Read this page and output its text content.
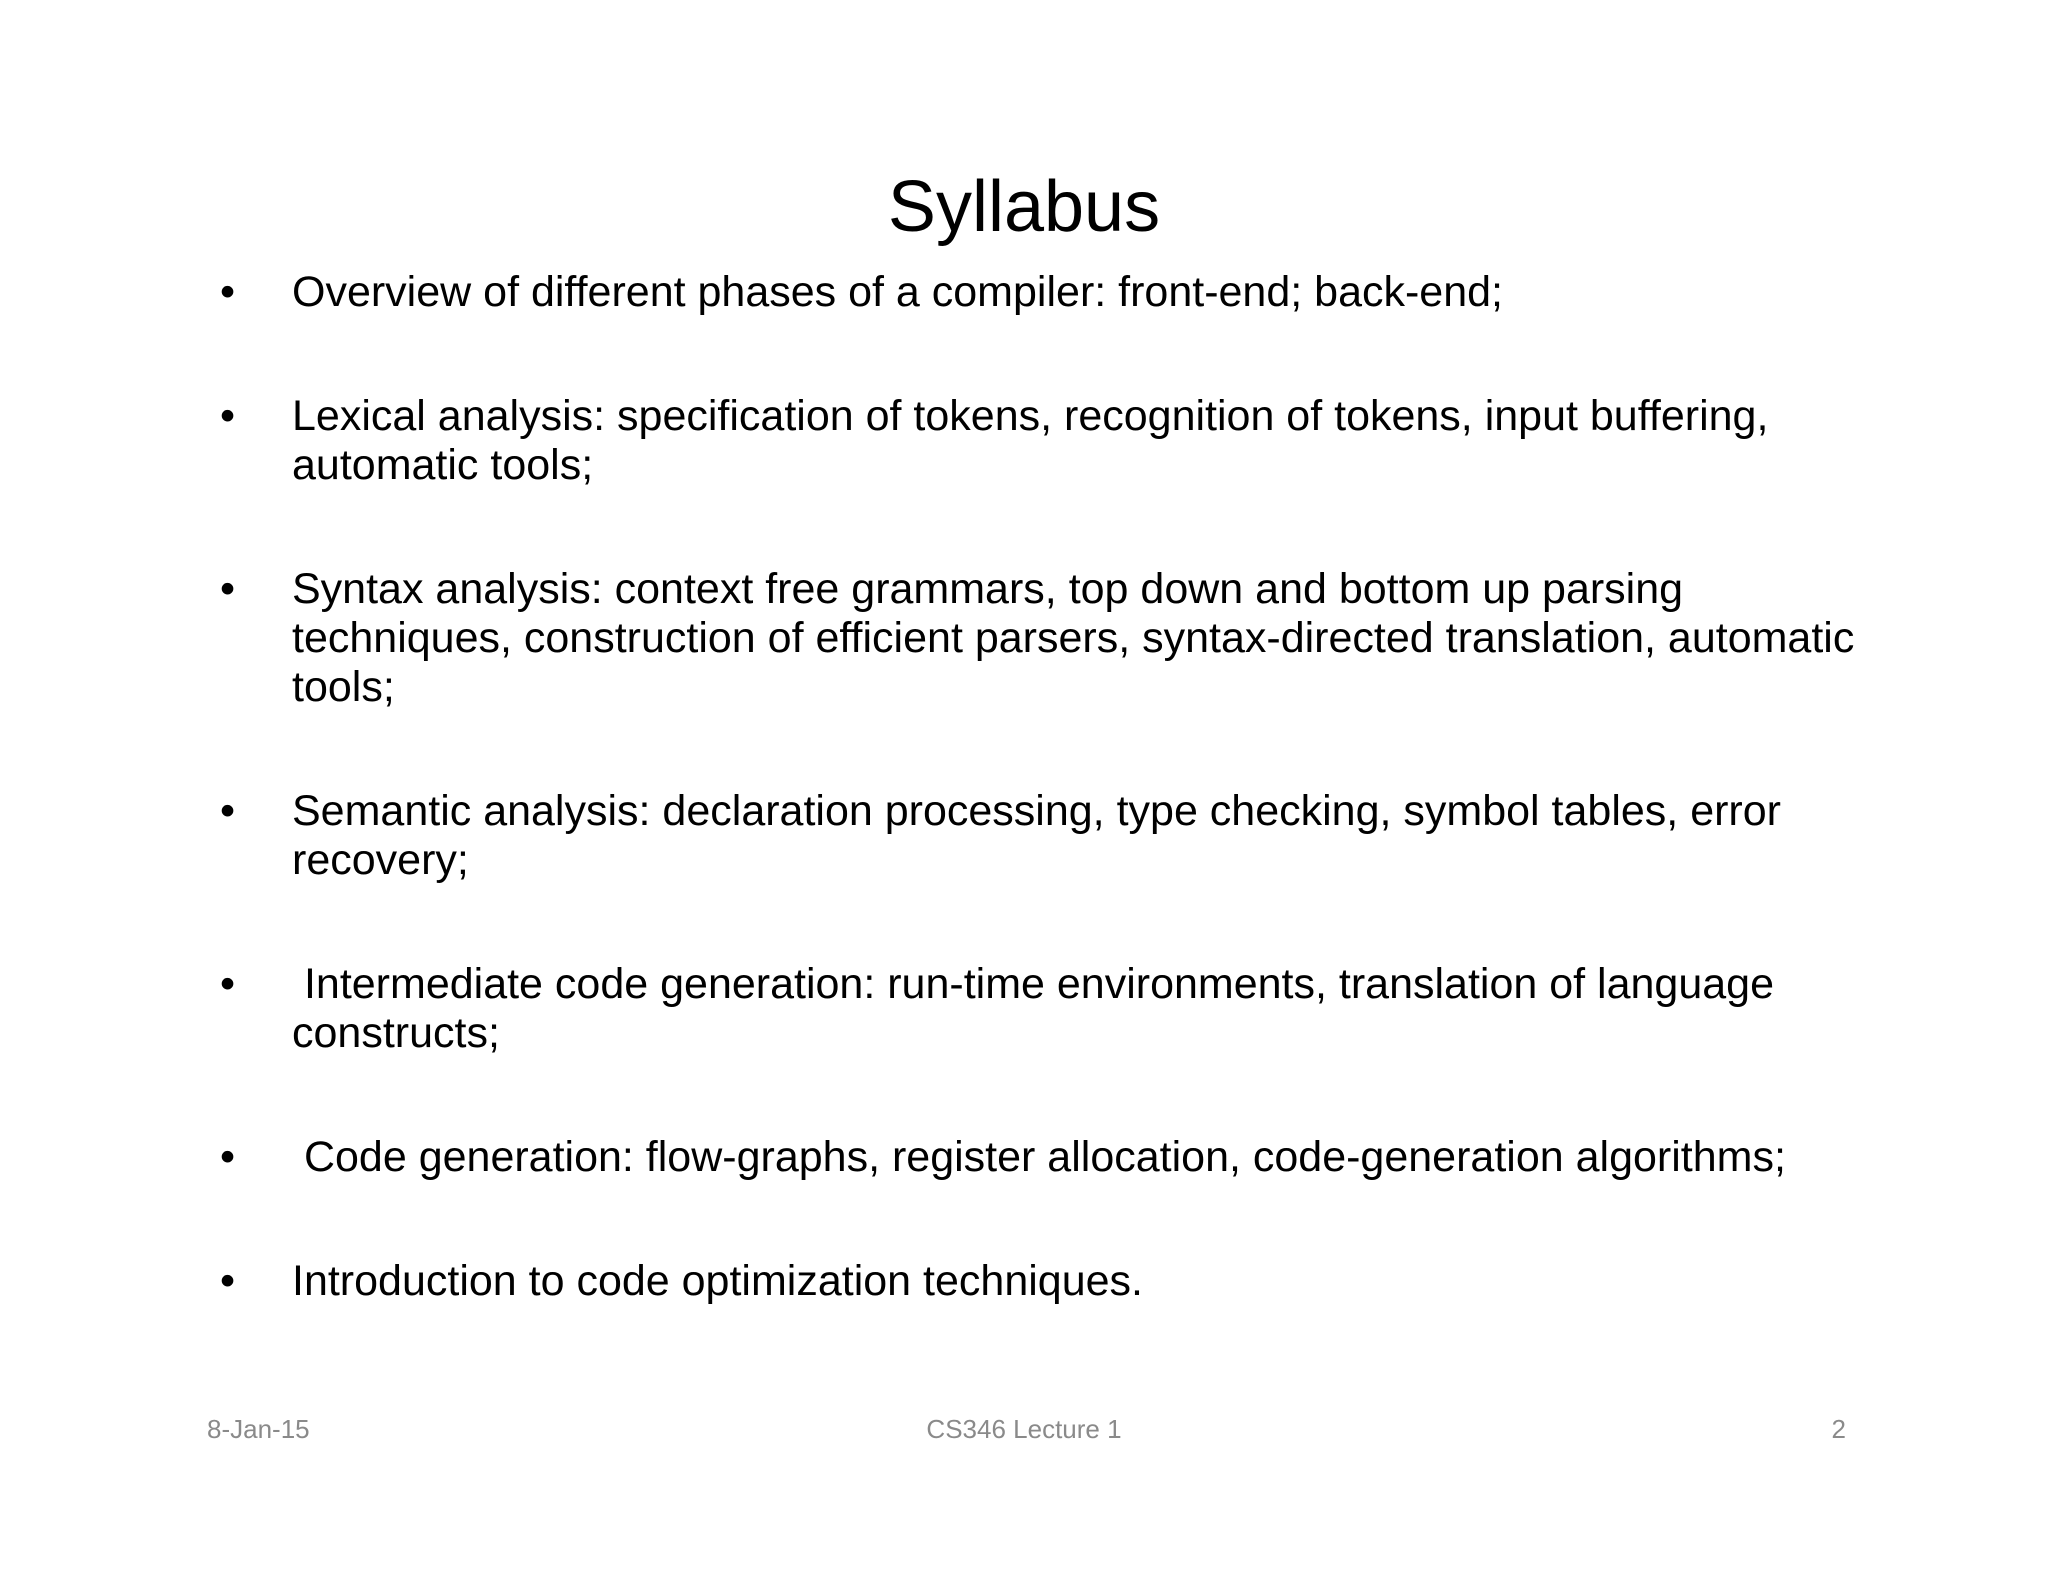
Syllabus
•	Overview of different phases of a compiler: front-end; back-end;
•	Lexical analysis: specification of tokens, recognition of tokens, input buffering, automatic tools;
•	Syntax analysis: context free grammars, top down and bottom up parsing techniques, construction of efficient parsers, syntax-directed translation, automatic tools;
•	Semantic analysis: declaration processing, type checking, symbol tables, error recovery;
•	Intermediate code generation: run-time environments, translation of language constructs;
•	Code generation: flow-graphs, register allocation, code-generation algorithms;
•	Introduction to code optimization techniques.
8-Jan-15	CS346 Lecture 1	2
